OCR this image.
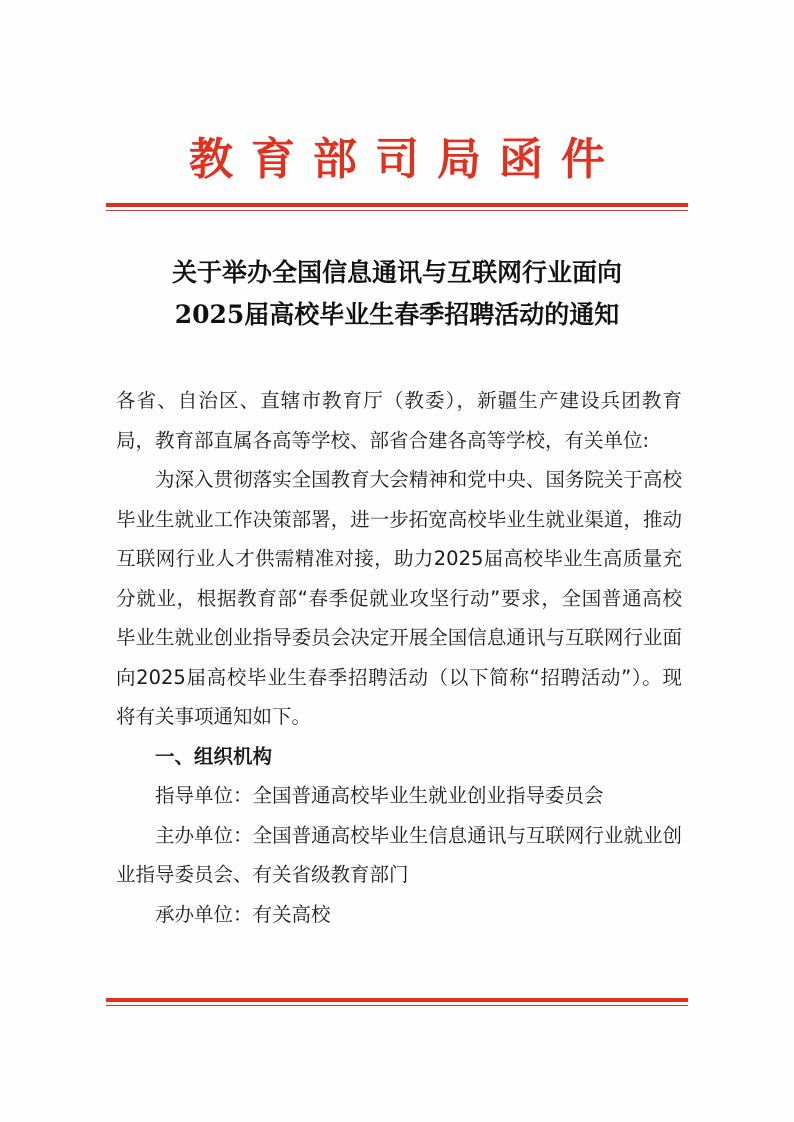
教育部司局函件
关于举办全国信息通讯与互联网行业面向
2025届高校毕业生春季招聘活动的通知

各省、自治区、直辖市教育厅（教委），新疆生产建设兵团教育局，教育部直属各高等学校、部省合建各高等学校，有关单位:

为深入贯彻落实全国教育大会精神和党中央、国务院关于高校毕业生就业工作决策部署，进一步拓宽高校毕业生就业渠道，推动互联网行业人才供需精准对接，助力2025届高校毕业生高质量充分就业，根据教育部“春季促就业攻坚行动”要求，全国普通高校毕业生就业创业指导委员会决定开展全国信息通讯与互联网行业面向2025届高校毕业生春季招聘活动（以下简称“招聘活动”）。现将有关事项通知如下。

一、组织机构

指导单位：全国普通高校毕业生就业创业指导委员会

主办单位：全国普通高校毕业生信息通讯与互联网行业就业创业指导委员会、有关省级教育部门

承办单位：有关高校
